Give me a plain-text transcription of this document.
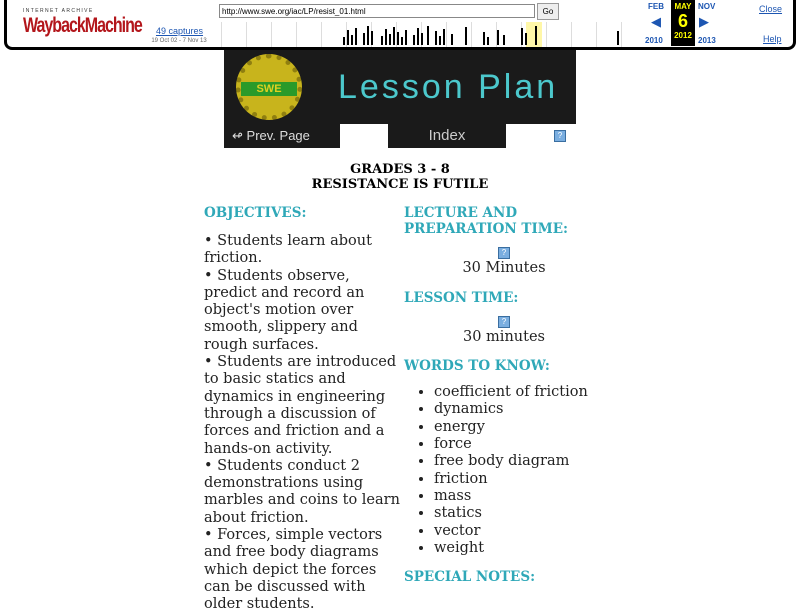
INTERNET ARCHIVE
WaybackMachine
http://www.swe.org/iac/LP/resist_01.html
Go
49 captures
19 Oct 02 - 7 Nov 13
FEB
◀
2010
MAY
6
2012
NOV
▶
2013
Close
Help
SWE	Lesson Plan
↫ Prev. Page	Index	?
GRADES 3 - 8
RESISTANCE IS FUTILE
OBJECTIVES:
• Students learn about friction.
• Students observe, predict and record an object's motion over smooth, slippery and rough surfaces.
• Students are introduced to basic statics and dynamics in engineering through a discussion of forces and friction and a hands-on activity.
• Students conduct 2 demonstrations using marbles and coins to learn about friction.
• Forces, simple vectors and free body diagrams which depict the forces can be discussed with older students.
LECTURE AND PREPARATION TIME:
?
30 Minutes
LESSON TIME:
?
30 minutes
WORDS TO KNOW:
• coefficient of friction
• dynamics
• energy
• force
• free body diagram
• friction
• mass
• statics
• vector
• weight
SPECIAL NOTES:
